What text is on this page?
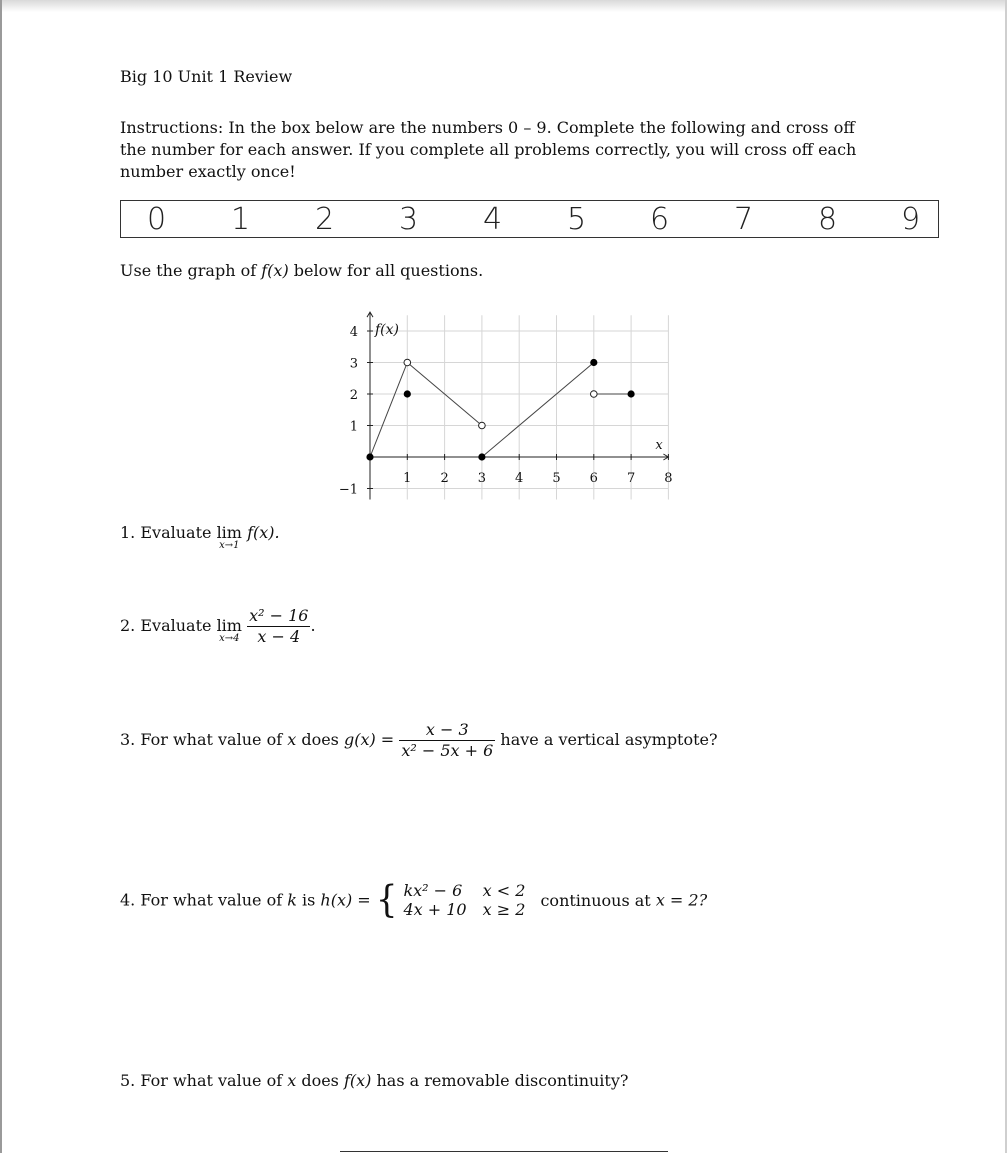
Big 10 Unit 1 Review
Instructions: In the box below are the numbers 0 – 9. Complete the following and cross off the number for each answer. If you complete all problems correctly, you will cross off each number exactly once!
0 1 2 3 4 5 6 7 8 9
Use the graph of f(x) below for all questions.
1 2 3 4 5 6 7 8
4
3
2
1
−1
f(x)
x
1. Evaluate lim
x→1
f(x).
2. Evaluate lim
x→4
$\frac{\text{x² − 16}}{x - 4}$ .
3. For what value of x does $g(x) = \frac{x - 3}{\text{x² − 5x + 6}}$ have a vertical asymptote?
4. For what value of k is h(x) = { kx² − 6 x < 2
4x + 10 x ≥ 2 continuous at x = 2?
5. For what value of x does f(x) has a removable discontinuity?
